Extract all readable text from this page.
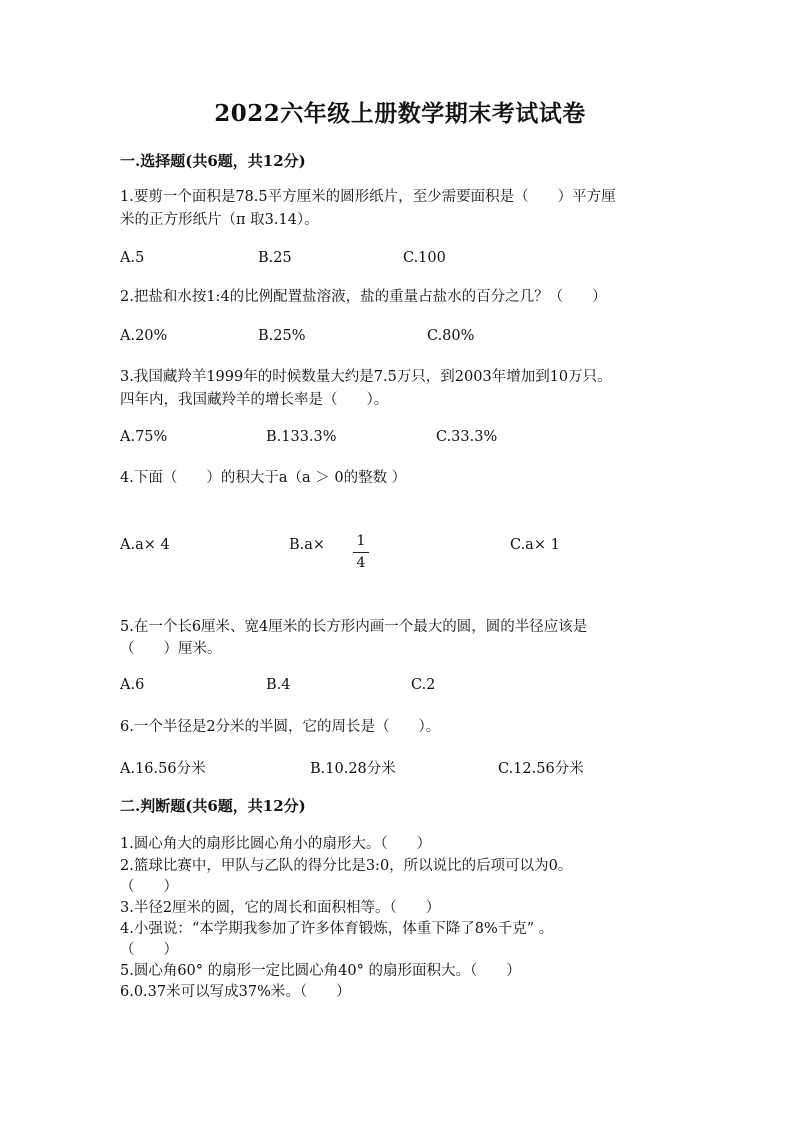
2022六年级上册数学期末考试试卷
一.选择题(共6题，共12分)
1.要剪一个面积是78.5平方厘米的圆形纸片，至少需要面积是（　　）平方厘
米的正方形纸片（π 取3.14）。
A.5	B.25	C.100
2.把盐和水按1:4的比例配置盐溶液，盐的重量占盐水的百分之几？（　　）
A.20%	B.25%	C.80%
3.我国藏羚羊1999年的时候数量大约是7.5万只，到2003年增加到10万只。
四年内，我国藏羚羊的增长率是（　　）。
A.75%	B.133.3%	C.33.3%
4.下面（　　）的积大于a（a ＞ 0的整数 ）
A.a× 4	B.a× 1
4
C.a× 1
5.在一个长6厘米、宽4厘米的长方形内画一个最大的圆，圆的半径应该是
（　　）厘米。
A.6	B.4	C.2
6.一个半径是2分米的半圆，它的周长是（　　）。
A.16.56分米	B.10.28分米	C.12.56分米
二.判断题(共6题，共12分)
1.圆心角大的扇形比圆心角小的扇形大。（　　）
2.篮球比赛中，甲队与乙队的得分比是3:0，所以说比的后项可以为0。
（　　）
3.半径2厘米的圆，它的周长和面积相等。（　　）
4.小强说：“本学期我参加了许多体育锻炼，体重下降了8%千克” 。
（　　）
5.圆心角60° 的扇形一定比圆心角40° 的扇形面积大。（　　）
6.0.37米可以写成37%米。（　　）
